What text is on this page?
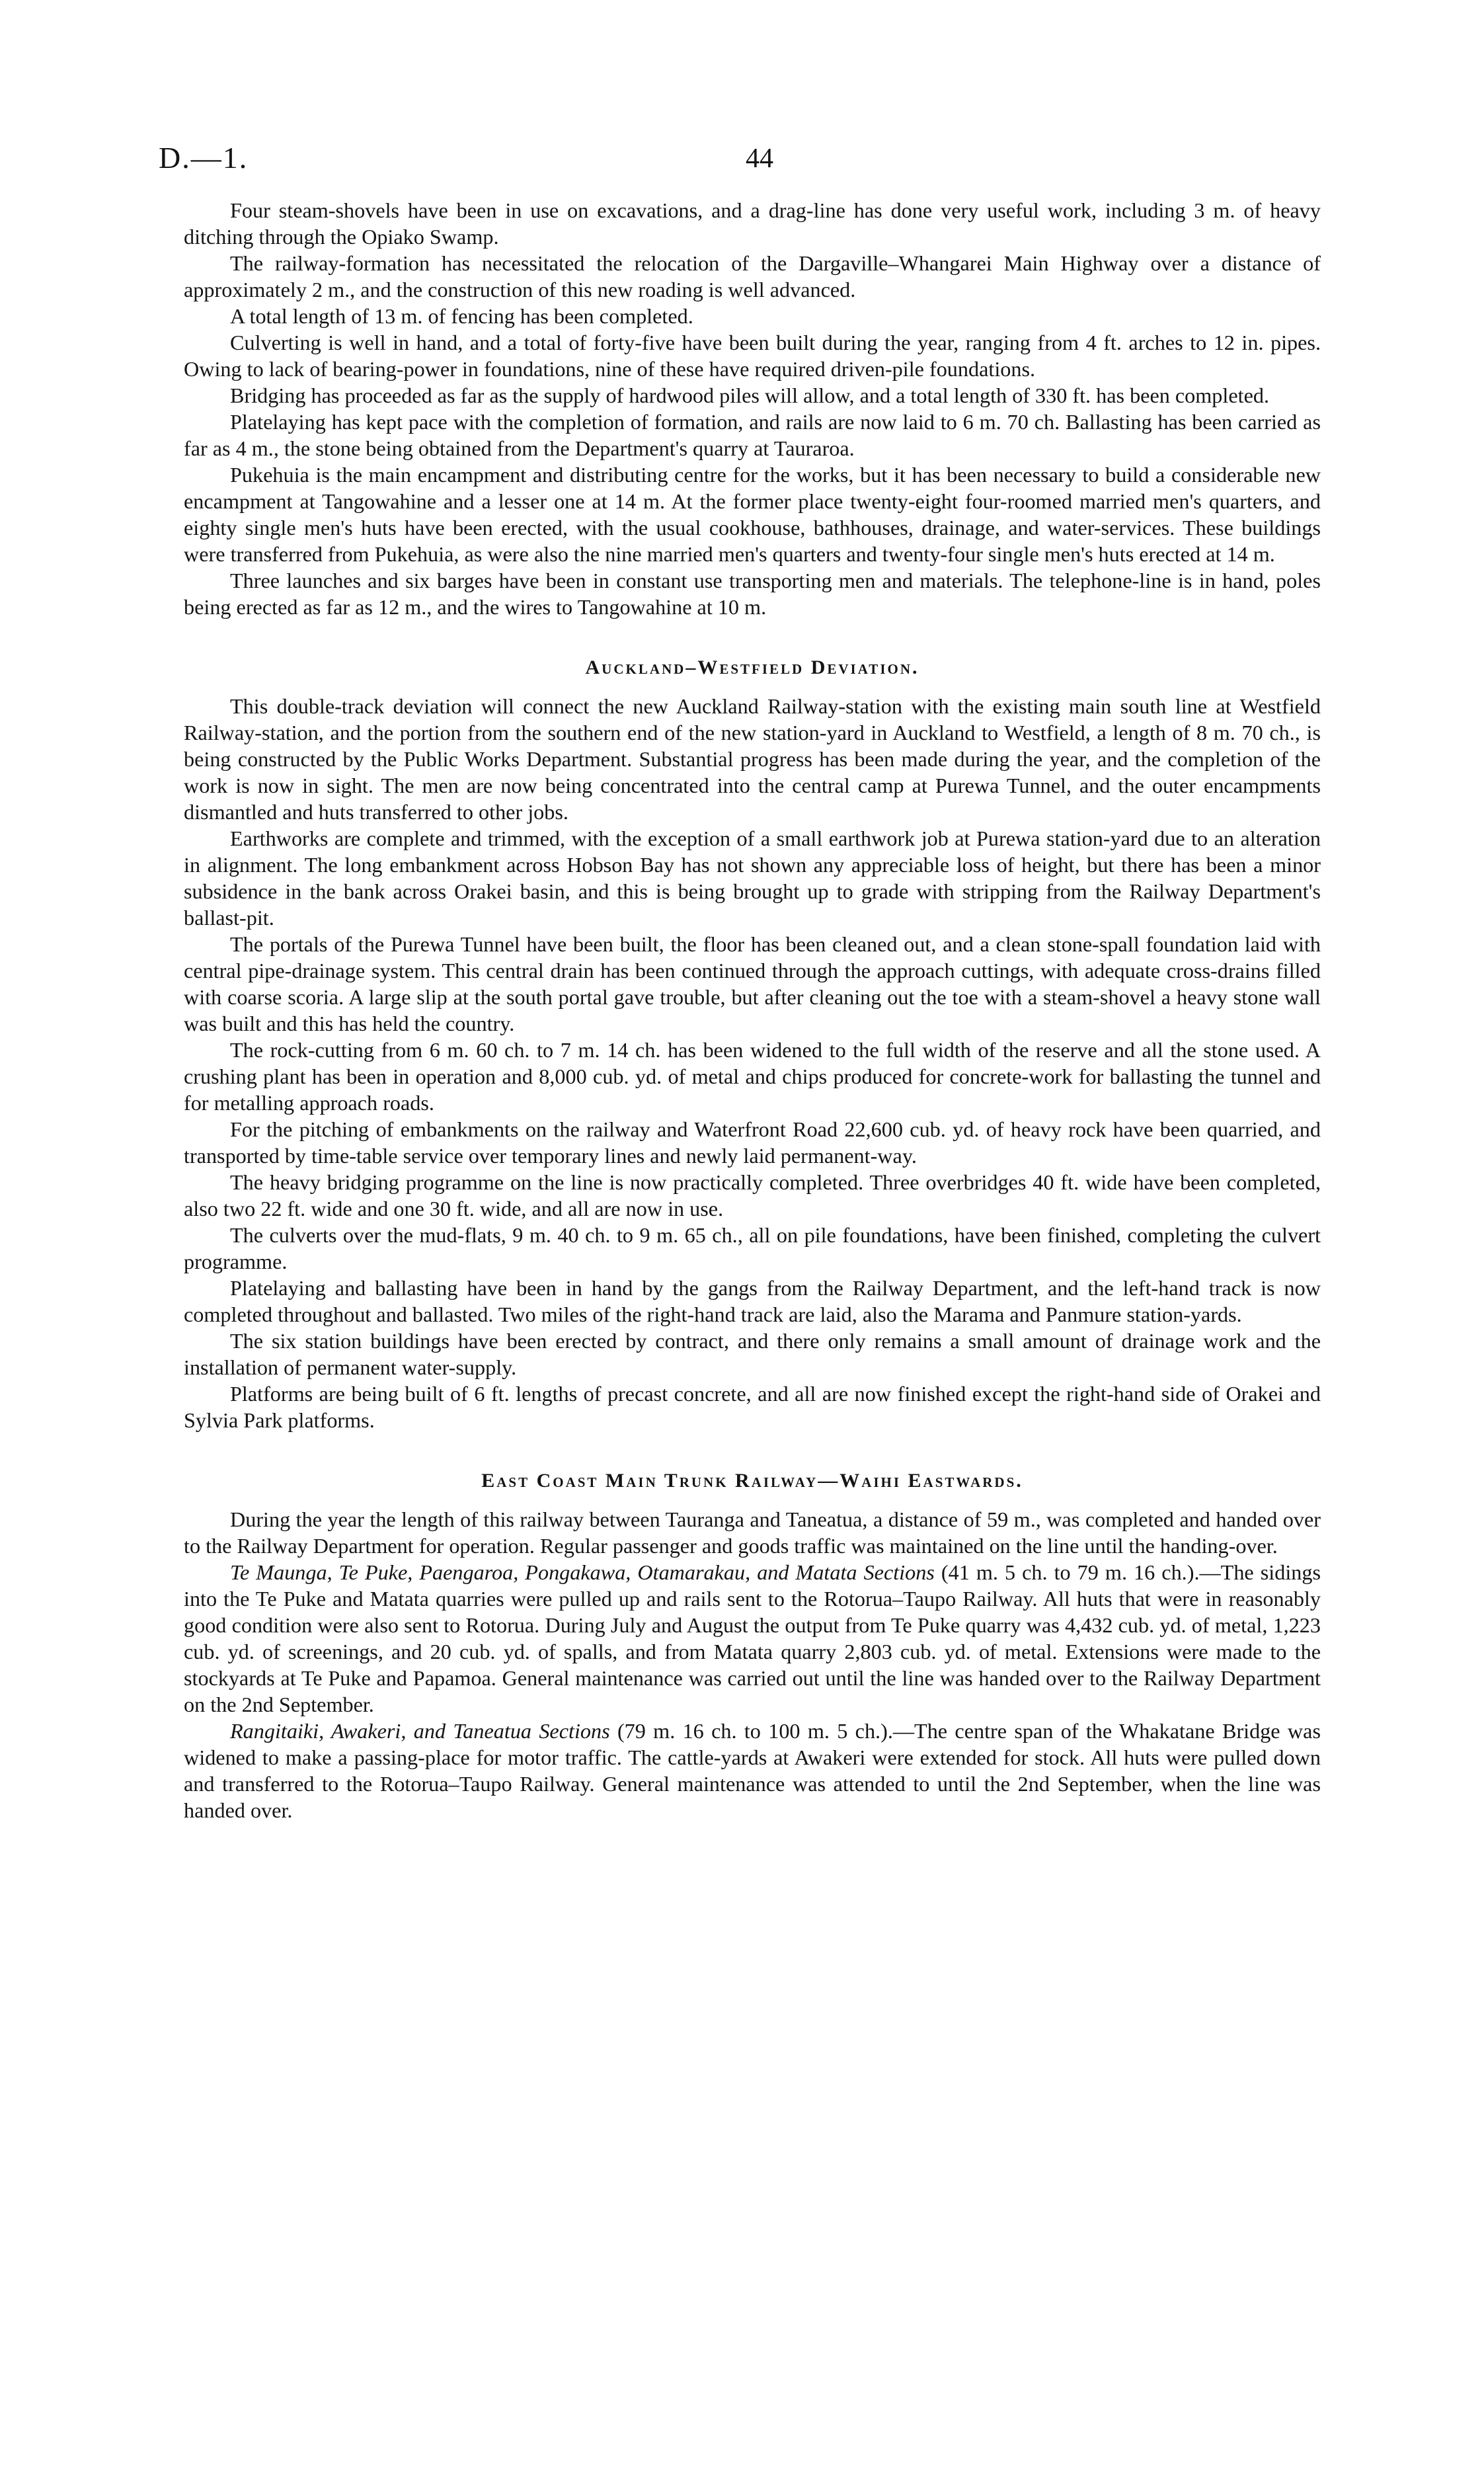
D.—1.	44

Four steam-shovels have been in use on excavations, and a drag-line has done very useful work, including 3 m. of heavy ditching through the Opiako Swamp.

The railway-formation has necessitated the relocation of the Dargaville–Whangarei Main Highway over a distance of approximately 2 m., and the construction of this new roading is well advanced.

A total length of 13 m. of fencing has been completed.

Culverting is well in hand, and a total of forty-five have been built during the year, ranging from 4 ft. arches to 12 in. pipes. Owing to lack of bearing-power in foundations, nine of these have required driven-pile foundations.

Bridging has proceeded as far as the supply of hardwood piles will allow, and a total length of 330 ft. has been completed.

Platelaying has kept pace with the completion of formation, and rails are now laid to 6 m. 70 ch. Ballasting has been carried as far as 4 m., the stone being obtained from the Department's quarry at Tauraroa.

Pukehuia is the main encampment and distributing centre for the works, but it has been necessary to build a considerable new encampment at Tangowahine and a lesser one at 14 m. At the former place twenty-eight four-roomed married men's quarters, and eighty single men's huts have been erected, with the usual cookhouse, bathhouses, drainage, and water-services. These buildings were transferred from Pukehuia, as were also the nine married men's quarters and twenty-four single men's huts erected at 14 m.

Three launches and six barges have been in constant use transporting men and materials. The telephone-line is in hand, poles being erected as far as 12 m., and the wires to Tangowahine at 10 m.

Auckland–Westfield Deviation.

This double-track deviation will connect the new Auckland Railway-station with the existing main south line at Westfield Railway-station, and the portion from the southern end of the new station-yard in Auckland to Westfield, a length of 8 m. 70 ch., is being constructed by the Public Works Department. Substantial progress has been made during the year, and the completion of the work is now in sight. The men are now being concentrated into the central camp at Purewa Tunnel, and the outer encampments dismantled and huts transferred to other jobs.

Earthworks are complete and trimmed, with the exception of a small earthwork job at Purewa station-yard due to an alteration in alignment. The long embankment across Hobson Bay has not shown any appreciable loss of height, but there has been a minor subsidence in the bank across Orakei basin, and this is being brought up to grade with stripping from the Railway Department's ballast-pit.

The portals of the Purewa Tunnel have been built, the floor has been cleaned out, and a clean stone-spall foundation laid with central pipe-drainage system. This central drain has been continued through the approach cuttings, with adequate cross-drains filled with coarse scoria. A large slip at the south portal gave trouble, but after cleaning out the toe with a steam-shovel a heavy stone wall was built and this has held the country.

The rock-cutting from 6 m. 60 ch. to 7 m. 14 ch. has been widened to the full width of the reserve and all the stone used. A crushing plant has been in operation and 8,000 cub. yd. of metal and chips produced for concrete-work for ballasting the tunnel and for metalling approach roads.

For the pitching of embankments on the railway and Waterfront Road 22,600 cub. yd. of heavy rock have been quarried, and transported by time-table service over temporary lines and newly laid permanent-way.

The heavy bridging programme on the line is now practically completed. Three overbridges 40 ft. wide have been completed, also two 22 ft. wide and one 30 ft. wide, and all are now in use.

The culverts over the mud-flats, 9 m. 40 ch. to 9 m. 65 ch., all on pile foundations, have been finished, completing the culvert programme.

Platelaying and ballasting have been in hand by the gangs from the Railway Department, and the left-hand track is now completed throughout and ballasted. Two miles of the right-hand track are laid, also the Marama and Panmure station-yards.

The six station buildings have been erected by contract, and there only remains a small amount of drainage work and the installation of permanent water-supply.

Platforms are being built of 6 ft. lengths of precast concrete, and all are now finished except the right-hand side of Orakei and Sylvia Park platforms.

East Coast Main Trunk Railway—Waihi Eastwards.

During the year the length of this railway between Tauranga and Taneatua, a distance of 59 m., was completed and handed over to the Railway Department for operation. Regular passenger and goods traffic was maintained on the line until the handing-over.

Te Maunga, Te Puke, Paengaroa, Pongakawa, Otamarakau, and Matata Sections (41 m. 5 ch. to 79 m. 16 ch.).—The sidings into the Te Puke and Matata quarries were pulled up and rails sent to the Rotorua–Taupo Railway. All huts that were in reasonably good condition were also sent to Rotorua. During July and August the output from Te Puke quarry was 4,432 cub. yd. of metal, 1,223 cub. yd. of screenings, and 20 cub. yd. of spalls, and from Matata quarry 2,803 cub. yd. of metal. Extensions were made to the stockyards at Te Puke and Papamoa. General maintenance was carried out until the line was handed over to the Railway Department on the 2nd September.

Rangitaiki, Awakeri, and Taneatua Sections (79 m. 16 ch. to 100 m. 5 ch.).—The centre span of the Whakatane Bridge was widened to make a passing-place for motor traffic. The cattle-yards at Awakeri were extended for stock. All huts were pulled down and transferred to the Rotorua–Taupo Railway. General maintenance was attended to until the 2nd September, when the line was handed over.
